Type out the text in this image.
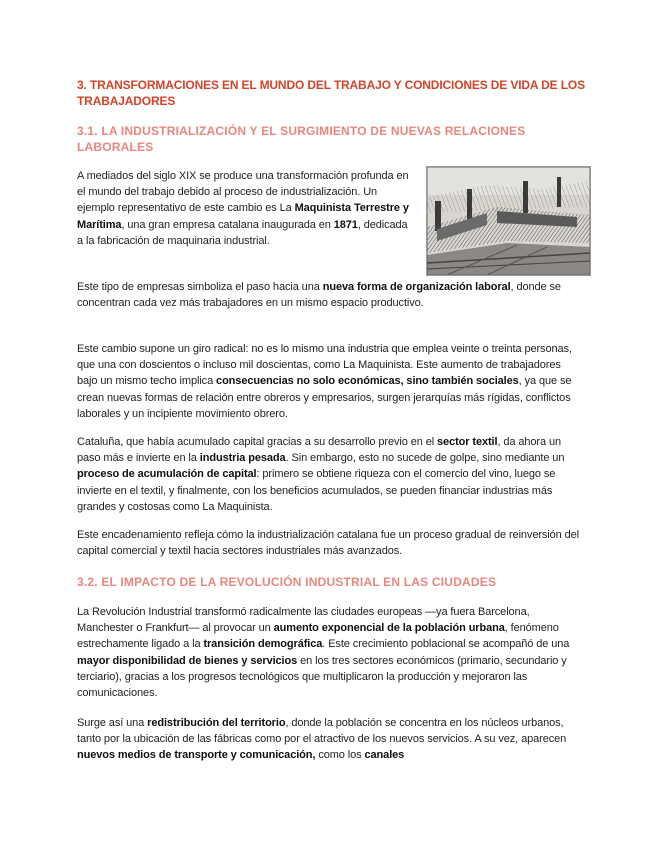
3. TRANSFORMACIONES EN EL MUNDO DEL TRABAJO Y CONDICIONES DE VIDA DE LOS TRABAJADORES
3.1. LA INDUSTRIALIZACIÓN Y EL SURGIMIENTO DE NUEVAS RELACIONES LABORALES
A mediados del siglo XIX se produce una transformación profunda en el mundo del trabajo debido al proceso de industrialización. Un ejemplo representativo de este cambio es La Maquinista Terrestre y Marítima, una gran empresa catalana inaugurada en 1871, dedicada a la fabricación de maquinaria industrial.
Este tipo de empresas simboliza el paso hacia una nueva forma de organización laboral, donde se concentran cada vez más trabajadores en un mismo espacio productivo.
Este cambio supone un giro radical: no es lo mismo una industria que emplea veinte o treinta personas, que una con doscientos o incluso mil doscientas, como La Maquinista. Este aumento de trabajadores bajo un mismo techo implica consecuencias no solo económicas, sino también sociales, ya que se crean nuevas formas de relación entre obreros y empresarios, surgen jerarquías más rígidas, conflictos laborales y un incipiente movimiento obrero.
Cataluña, que había acumulado capital gracias a su desarrollo previo en el sector textil, da ahora un paso más e invierte en la industria pesada. Sin embargo, esto no sucede de golpe, sino mediante un proceso de acumulación de capital: primero se obtiene riqueza con el comercio del vino, luego se invierte en el textil, y finalmente, con los beneficios acumulados, se pueden financiar industrias más grandes y costosas como La Maquinista.
Este encadenamiento refleja cómo la industrialización catalana fue un proceso gradual de reinversión del capital comercial y textil hacia sectores industriales más avanzados.
3.2. EL IMPACTO DE LA REVOLUCIÓN INDUSTRIAL EN LAS CIUDADES
La Revolución Industrial transformó radicalmente las ciudades europeas —ya fuera Barcelona, Manchester o Frankfurt— al provocar un aumento exponencial de la población urbana, fenómeno estrechamente ligado a la transición demográfica. Este crecimiento poblacional se acompañó de una mayor disponibilidad de bienes y servicios en los tres sectores económicos (primario, secundario y terciario), gracias a los progresos tecnológicos que multiplicaron la producción y mejoraron las comunicaciones.
Surge así una redistribución del territorio, donde la población se concentra en los núcleos urbanos, tanto por la ubicación de las fábricas como por el atractivo de los nuevos servicios. A su vez, aparecen nuevos medios de transporte y comunicación, como los canales
